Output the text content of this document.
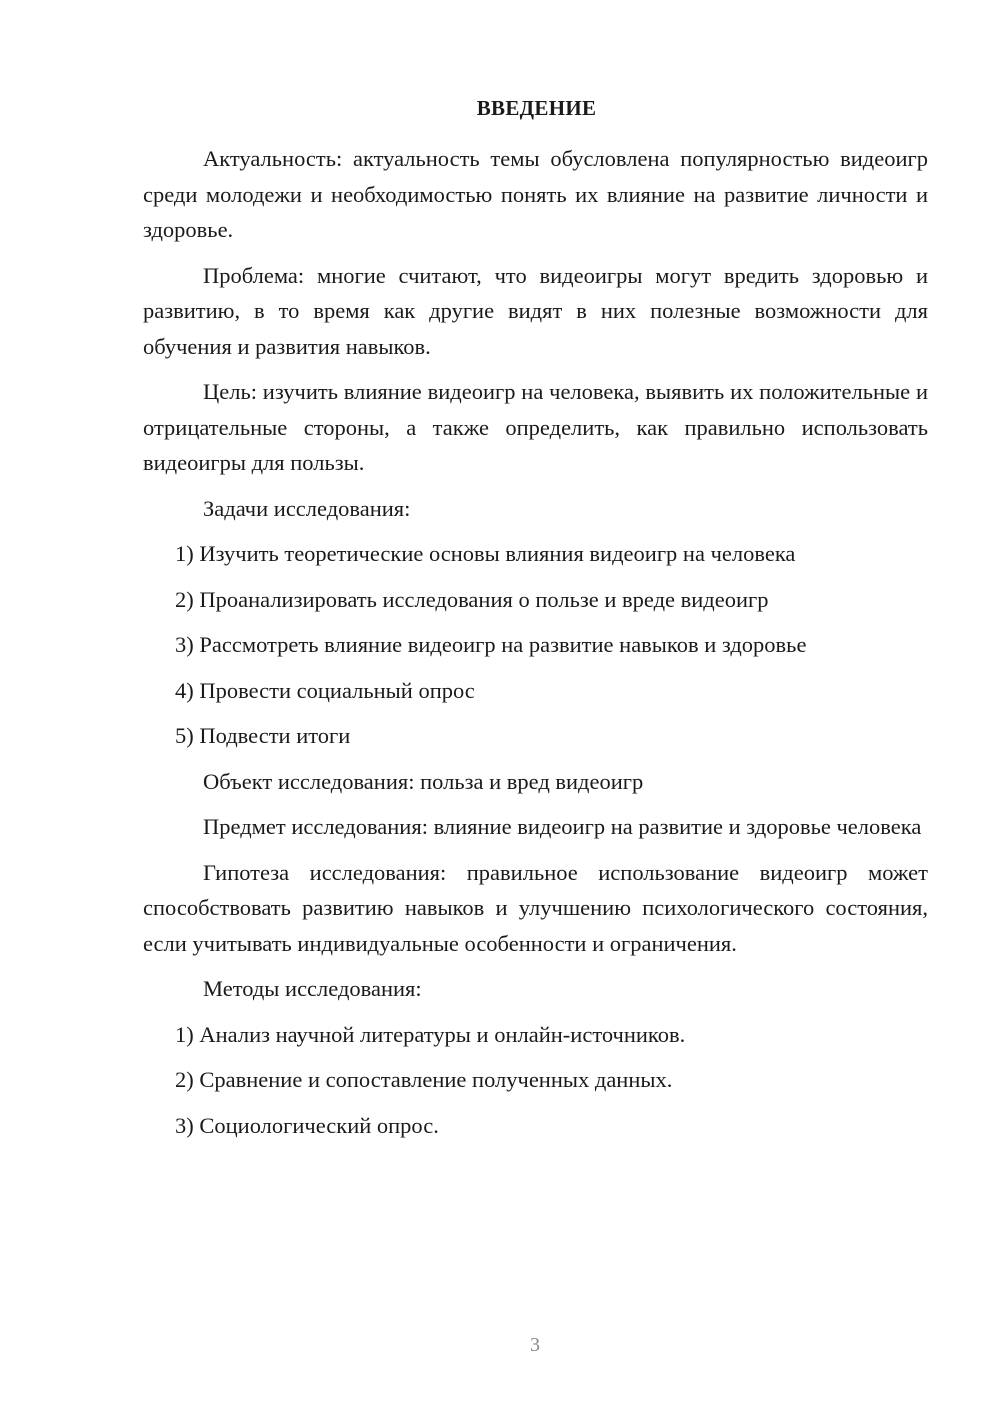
ВВЕДЕНИЕ

Актуальность: актуальность темы обусловлена популярностью видеоигр среди молодежи и необходимостью понять их влияние на развитие личности и здоровье.

Проблема: многие считают, что видеоигры могут вредить здоровью и развитию, в то время как другие видят в них полезные возможности для обучения и развития навыков.

Цель: изучить влияние видеоигр на человека, выявить их положительные и отрицательные стороны, а также определить, как правильно использовать видеоигры для пользы.

Задачи исследования:

1) Изучить теоретические основы влияния видеоигр на человека
2) Проанализировать исследования о пользе и вреде видеоигр
3) Рассмотреть влияние видеоигр на развитие навыков и здоровье
4) Провести социальный опрос
5) Подвести итоги

Объект исследования: польза и вред видеоигр

Предмет исследования: влияние видеоигр на развитие и здоровье человека

Гипотеза исследования: правильное использование видеоигр может способствовать развитию навыков и улучшению психологического состояния, если учитывать индивидуальные особенности и ограничения.

Методы исследования:

1) Анализ научной литературы и онлайн-источников.
2) Сравнение и сопоставление полученных данных.
3) Социологический опрос.
3
